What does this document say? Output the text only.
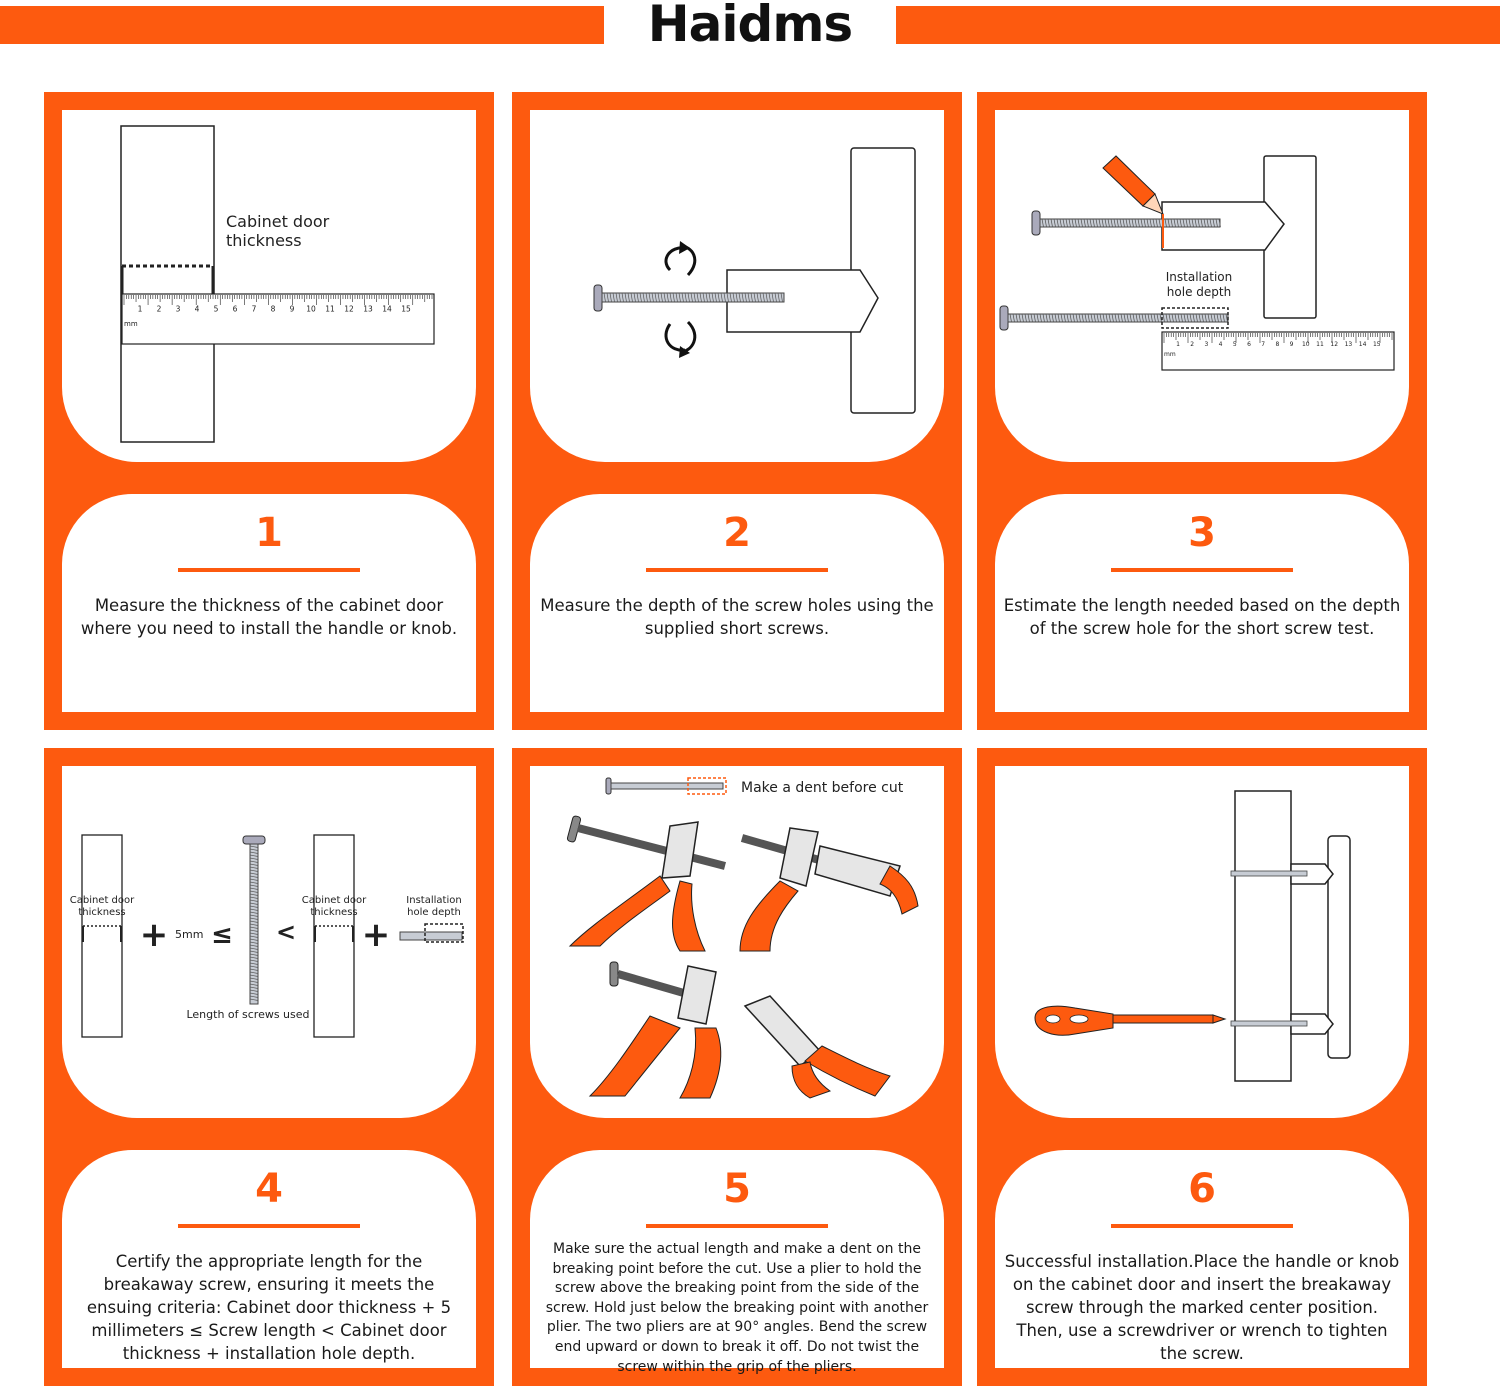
Haidms
mm
1 2 3 4 5 6 7 8 9 10 11 12 13 14 15
Cabinet door
thickness
1
Measure the thickness of the cabinet door where you need to install the handle or knob.
2
Measure the depth of the screw holes using the supplied short screws.
Installation
hole depth
mm
1 2 3 4 5 6 7 8 9 10 11 12 13 14 15
3
Estimate the length needed based on the depth of the screw hole for the short screw test.
Cabinet door
thickness
+ 5mm ≤
Length of screws used
<
Cabinet door
thickness
+
Installation
hole depth
4
Certify the appropriate length for the breakaway screw, ensuring it meets the ensuing criteria: Cabinet door thickness + 5 millimeters ≤ Screw length < Cabinet door thickness + installation hole depth.
Make a dent before cut
5
Make sure the actual length and make a dent on the breaking point before the cut. Use a plier to hold the screw above the breaking point from the side of the screw. Hold just below the breaking point with another plier. The two pliers are at 90° angles. Bend the screw end upward or down to break it off. Do not twist the screw within the grip of the pliers.
6
Successful installation.Place the handle or knob on the cabinet door and insert the breakaway screw through the marked center position. Then, use a screwdriver or wrench to tighten the screw.
